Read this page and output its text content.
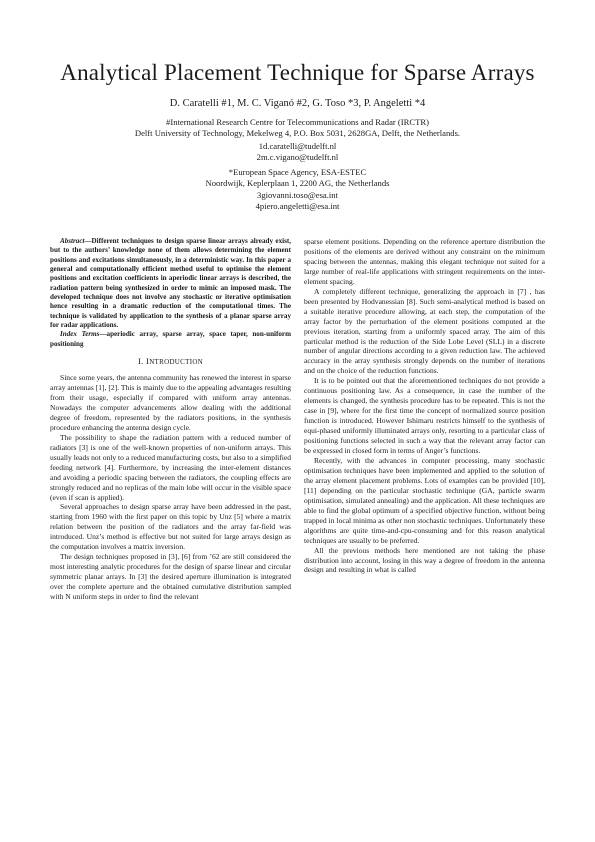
Analytical Placement Technique for Sparse Arrays
D. Caratelli #1, M. C. Viganó #2, G. Toso *3, P. Angeletti *4
#International Research Centre for Telecommunications and Radar (IRCTR)
Delft University of Technology, Mekelweg 4, P.O. Box 5031, 2628GA, Delft, the Netherlands.
1d.caratelli@tudelft.nl
2m.c.vigano@tudelft.nl
*European Space Agency, ESA-ESTEC
Noordwijk, Keplerplaan 1, 2200 AG, the Netherlands
3giovanni.toso@esa.int
4piero.angeletti@esa.int

Abstract—Different techniques to design sparse linear arrays already exist, but to the authors’ knowledge none of them allows determining the element positions and excitations simultaneously, in a deterministic way. In this paper a general and computationally efficient method useful to optimise the element positions and excitation coefficients in aperiodic linear arrays is described, the radiation pattern being synthesized in order to mimic an imposed mask. The developed technique does not involve any stochastic or iterative optimisation hence resulting in a dramatic reduction of the computational times. The technique is validated by application to the synthesis of a planar sparse array for radar applications.

Index Terms—aperiodic array, sparse array, space taper, non-uniform positioning

I. INTRODUCTION

Since some years, the antenna community has renewed the interest in sparse array antennas [1], [2]. This is mainly due to the appealing advantages resulting from their usage, especially if compared with uniform array antennas. Nowadays the computer advancements allow dealing with the additional degree of freedom, represented by the radiators positions, in the synthesis procedure enhancing the antenna design cycle.

The possibility to shape the radiation pattern with a reduced number of radiators [3] is one of the well-known properties of non-uniform arrays. This usually leads not only to a reduced manufacturing costs, but also to a simplified feeding network [4]. Furthermore, by increasing the inter-element distances and avoiding a periodic spacing between the radiators, the coupling effects are strongly reduced and no replicas of the main lobe will occur in the visible space (even if scan is applied).

Several approaches to design sparse array have been addressed in the past, starting from 1960 with the first paper on this topic by Unz [5] where a matrix relation between the position of the radiators and the array far-field was introduced. Unz’s method is effective but not suited for large arrays design as the computation involves a matrix inversion.

The design techniques proposed in [3], [6] from ’62 are still considered the most interesting analytic procedures for the design of sparse linear and circular symmetric planar arrays. In [3] the desired aperture illumination is integrated over the complete aperture and the obtained cumulative distribution sampled with N uniform steps in order to find the relevant

sparse element positions. Depending on the reference aperture distribution the positions of the elements are derived without any constraint on the minimum spacing between the antennas, making this elegant technique not suited for a large number of real-life applications with stringent requirements on the inter-element spacing.

A completely different technique, generalizing the approach in [7] , has been presented by Hodvanessian [8]. Such semi-analytical method is based on a suitable iterative procedure allowing, at each step, the computation of the array factor by the perturbation of the element positions computed at the previous iteration, starting from a uniformly spaced array. The aim of this particular method is the reduction of the Side Lobe Level (SLL) in a discrete number of angular directions according to a given reduction law. The achieved accuracy in the array synthesis strongly depends on the number of iterations and on the choice of the reduction functions.

It is to be pointed out that the aforementioned techniques do not provide a continuous positioning law. As a consequence, in case the number of the elements is changed, the synthesis procedure has to be repeated. This is not the case in [9], where for the first time the concept of normalized source position function is introduced. However Ishimaru restricts himself to the synthesis of equi-phased uniformly illuminated arrays only, resorting to a particular class of positioning functions selected in such a way that the relevant array factor can be expressed in closed form in terms of Anger’s functions.

Recently, with the advances in computer processing, many stochastic optimisation techniques have been implemented and applied to the solution of the array element placement problems. Lots of examples can be provided [10], [11] depending on the particular stochastic technique (GA, particle swarm optimisation, simulated annealing) and the application. All these techniques are able to find the global optimum of a specified objective function, without being trapped in local minima as other non stochastic techniques. Unfortunately these algorithms are quite time-and-cpu-consuming and for this reason analytical techniques are usually to be preferred.

All the previous methods here mentioned are not taking the phase distribution into account, losing in this way a degree of freedom in the antenna design and resulting in what is called
